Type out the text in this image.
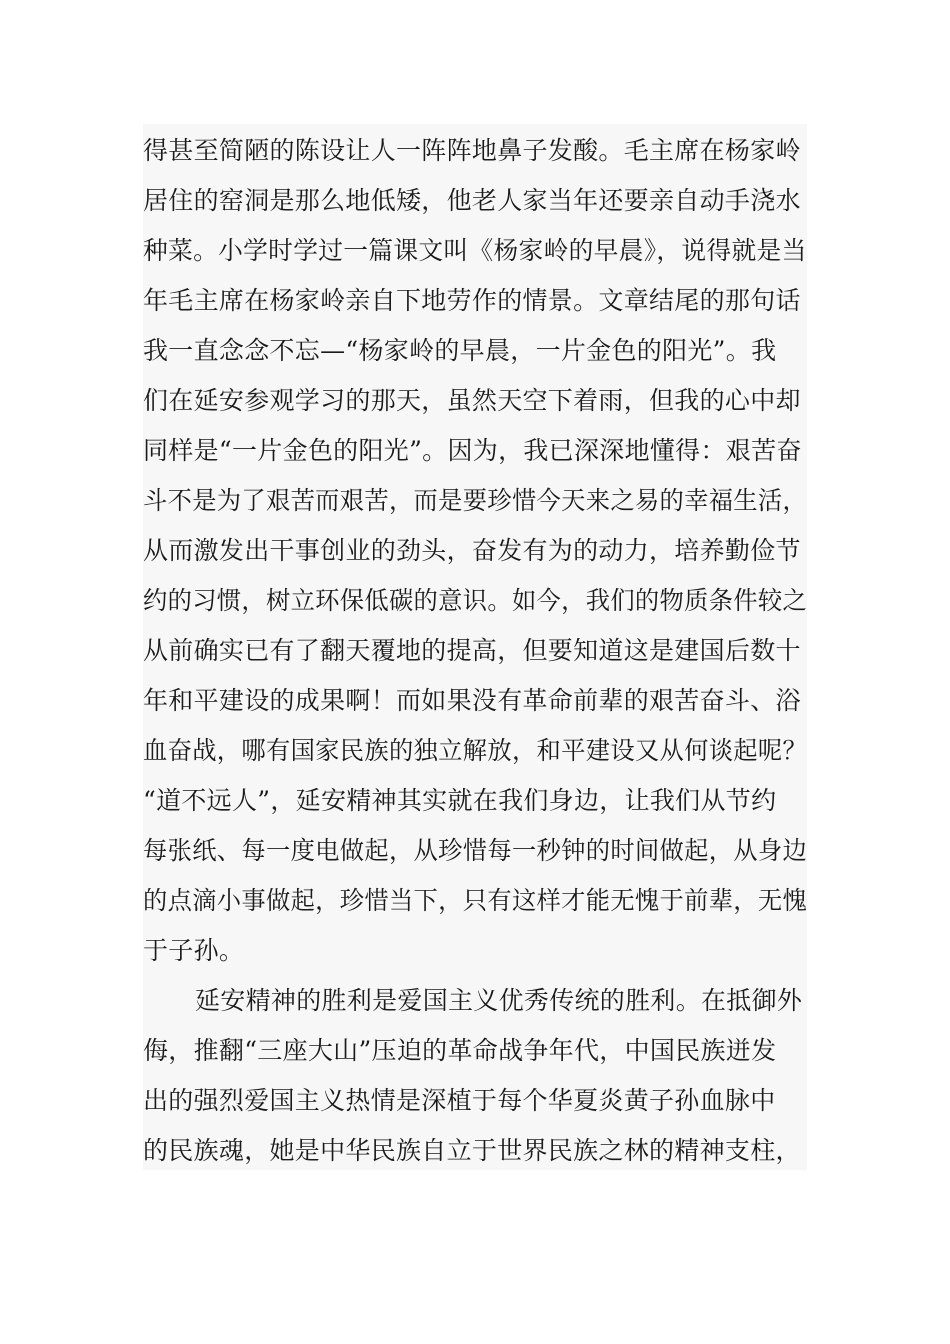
得甚至简陋的陈设让人一阵阵地鼻子发酸。毛主席在杨家岭
居住的窑洞是那么地低矮，他老人家当年还要亲自动手浇水
种菜。小学时学过一篇课文叫《杨家岭的早晨》，说得就是当
年毛主席在杨家岭亲自下地劳作的情景。文章结尾的那句话
我一直念念不忘—“杨家岭的早晨，一片金色的阳光”。我
们在延安参观学习的那天，虽然天空下着雨，但我的心中却
同样是“一片金色的阳光”。因为，我已深深地懂得：艰苦奋
斗不是为了艰苦而艰苦，而是要珍惜今天来之易的幸福生活，
从而激发出干事创业的劲头，奋发有为的动力，培养勤俭节
约的习惯，树立环保低碳的意识。如今，我们的物质条件较之
从前确实已有了翻天覆地的提高，但要知道这是建国后数十
年和平建设的成果啊！而如果没有革命前辈的艰苦奋斗、浴
血奋战，哪有国家民族的独立解放，和平建设又从何谈起呢？
“道不远人”，延安精神其实就在我们身边，让我们从节约
每张纸、每一度电做起，从珍惜每一秒钟的时间做起，从身边
的点滴小事做起，珍惜当下，只有这样才能无愧于前辈，无愧
于子孙。
延安精神的胜利是爱国主义优秀传统的胜利。在抵御外
侮，推翻“三座大山”压迫的革命战争年代，中国民族迸发
出的强烈爱国主义热情是深植于每个华夏炎黄子孙血脉中
的民族魂，她是中华民族自立于世界民族之林的精神支柱，
